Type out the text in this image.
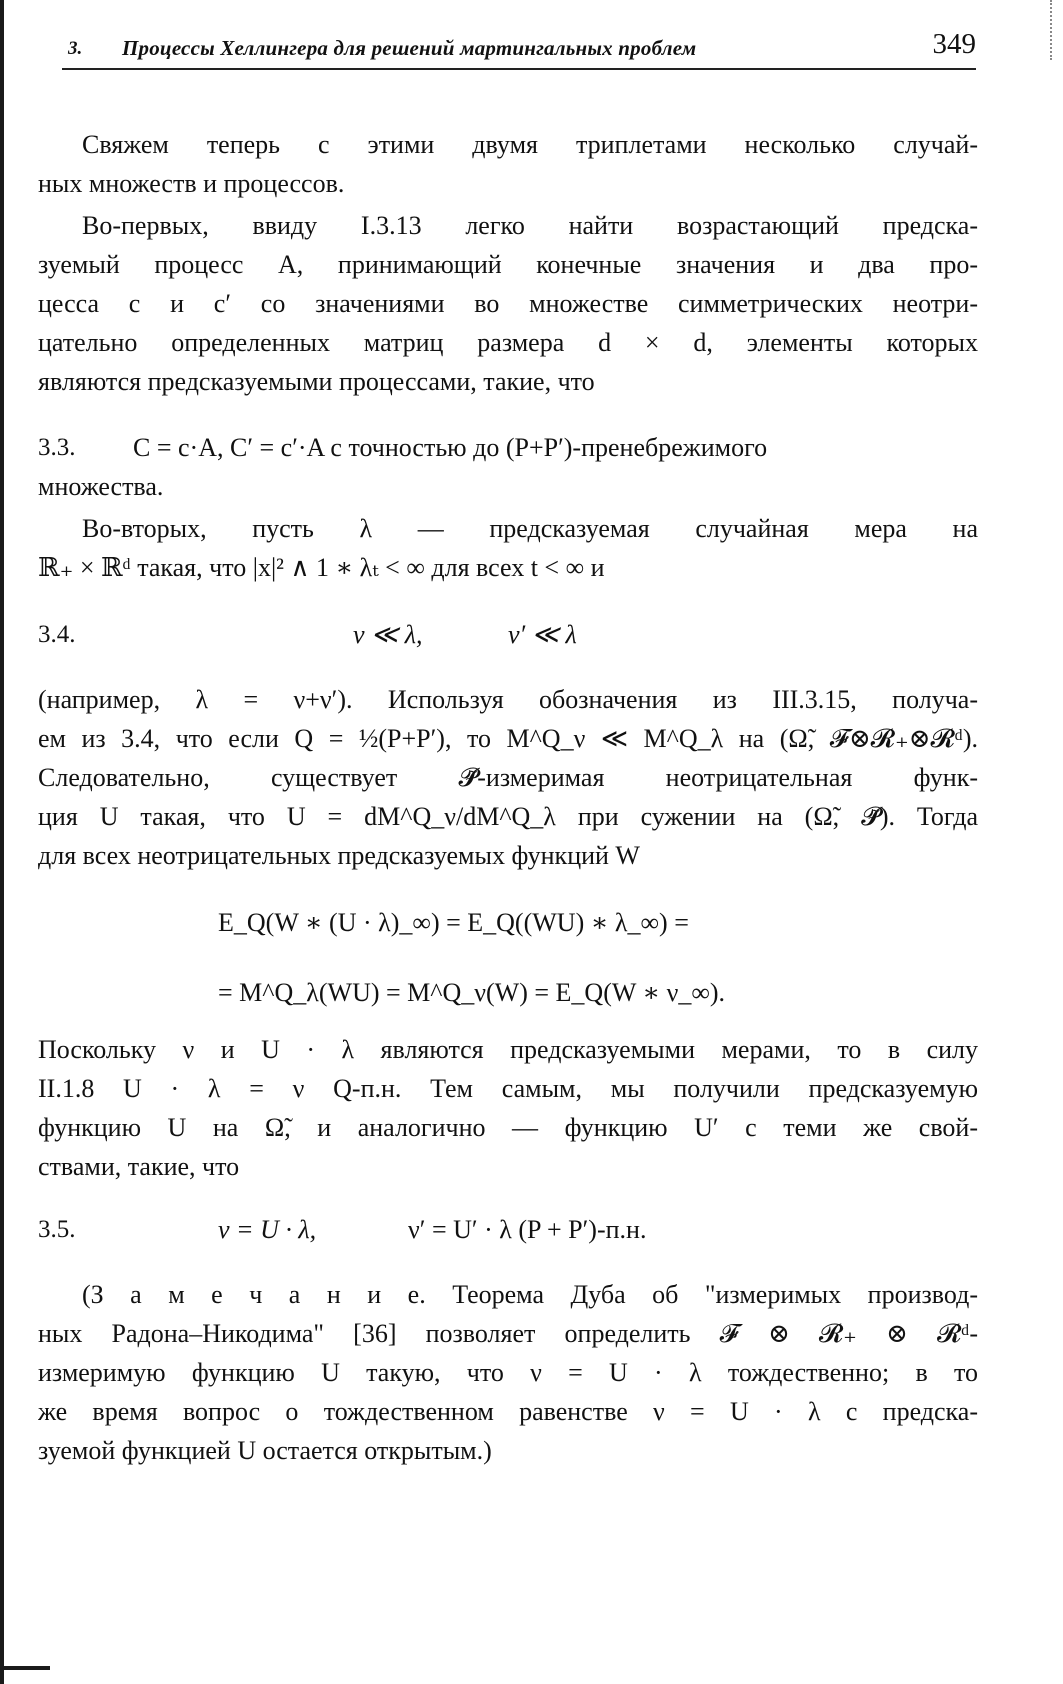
3. Процессы Хеллингера для решений мартингальных проблем	349
Свяжем теперь с этими двумя триплетами несколько случай-
ных множеств и процессов.
Во-первых, ввиду I.3.13 легко найти возрастающий предска-
зуемый процесс A, принимающий конечные значения и два про-
цесса c и c′ со значениями во множестве симметрических неотри-
цательно определенных матриц размера d × d, элементы которых
являются предсказуемыми процессами, такие, что
3.3. C = c·A, C′ = c′·A с точностью до (P+P′)-пренебрежимого
множества.
Во-вторых, пусть λ — предсказуемая случайная мера на
ℝ₊ × ℝᵈ такая, что |x|² ∧ 1 ∗ λₜ < ∞ для всех t < ∞ и
3.4.	ν ≪ λ,	ν′ ≪ λ
(например, λ = ν+ν′). Используя обозначения из III.3.15, получа-
ем из 3.4, что если Q = ½(P+P′), то M^Q_ν ≪ M^Q_λ на (Ω̃, 𝓕⊗𝓡₊⊗𝓡ᵈ).
Следовательно, существует 𝓟̃-измеримая неотрицательная функ-
ция U такая, что U = dM^Q_ν/dM^Q_λ при сужении на (Ω̃, 𝓟̃). Тогда
для всех неотрицательных предсказуемых функций W
E_Q(W ∗ (U · λ)_∞) = E_Q((WU) ∗ λ_∞) =
= M^Q_λ(WU) = M^Q_ν(W) = E_Q(W ∗ ν_∞).
Поскольку ν и U · λ являются предсказуемыми мерами, то в силу
II.1.8 U · λ = ν Q-п.н. Тем самым, мы получили предсказуемую
функцию U на Ω̃, и аналогично — функцию U′ с теми же свой-
ствами, такие, что
3.5.	ν = U · λ,	ν′ = U′ · λ (P + P′)-п.н.
(З а м е ч а н и е. Теорема Дуба об "измеримых производ-
ных Радона–Никодима" [36] позволяет определить 𝓕 ⊗ 𝓡₊ ⊗ 𝓡ᵈ-
измеримую функцию U такую, что ν = U · λ тождественно; в то
же время вопрос о тождественном равенстве ν = U · λ с предска-
зуемой функцией U остается открытым.)
